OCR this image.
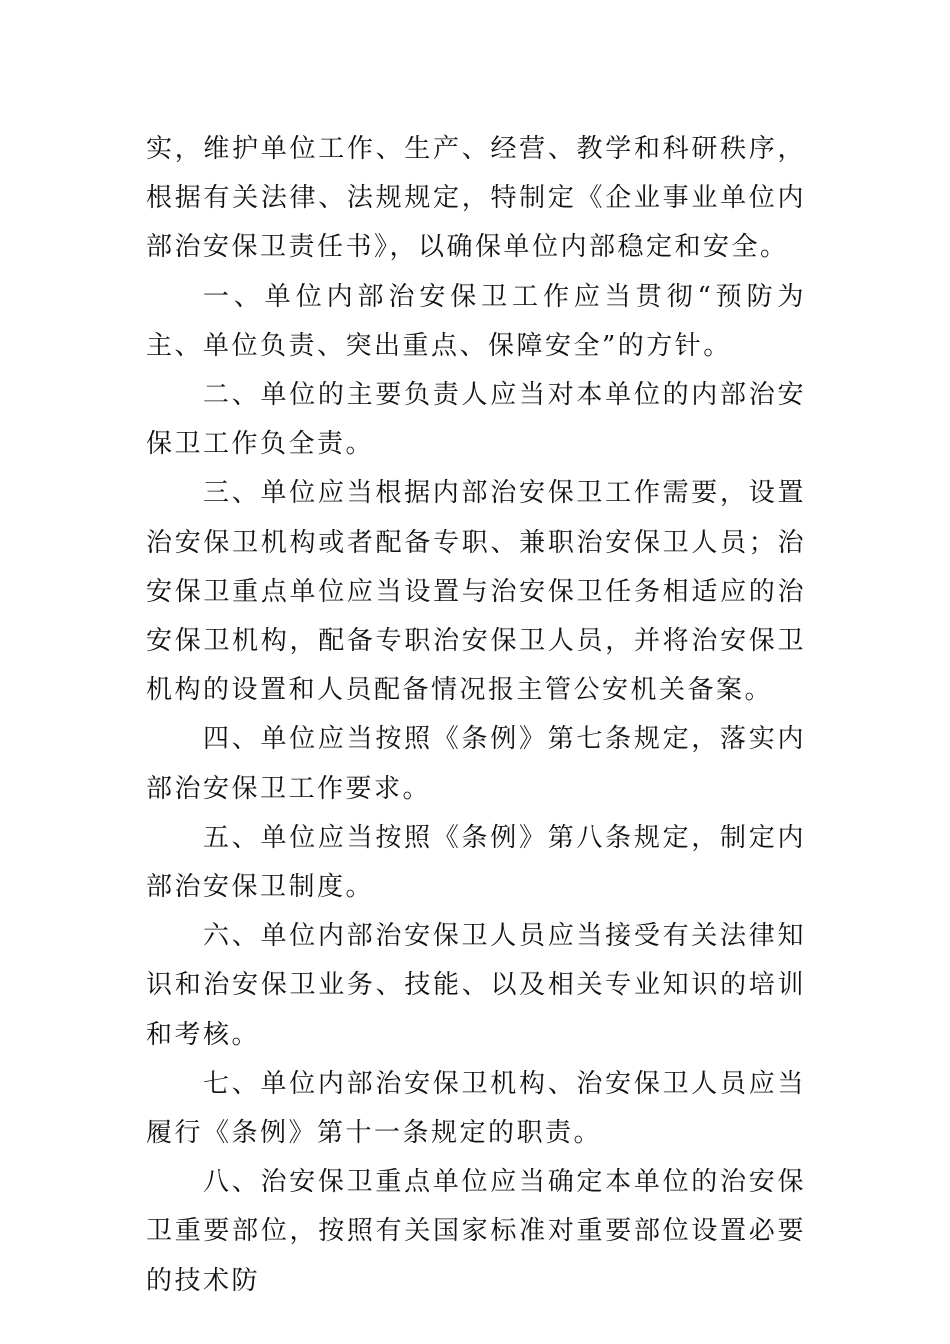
实，维护单位工作、生产、经营、教学和科研秩序，根据有关法律、法规规定，特制定《企业事业单位内部治安保卫责任书》，以确保单位内部稳定和安全。

一、单位内部治安保卫工作应当贯彻“预防为主、单位负责、突出重点、保障安全”的方针。

二、单位的主要负责人应当对本单位的内部治安保卫工作负全责。

三、单位应当根据内部治安保卫工作需要，设置治安保卫机构或者配备专职、兼职治安保卫人员；治安保卫重点单位应当设置与治安保卫任务相适应的治安保卫机构，配备专职治安保卫人员，并将治安保卫机构的设置和人员配备情况报主管公安机关备案。

四、单位应当按照《条例》第七条规定，落实内部治安保卫工作要求。

五、单位应当按照《条例》第八条规定，制定内部治安保卫制度。

六、单位内部治安保卫人员应当接受有关法律知识和治安保卫业务、技能、以及相关专业知识的培训和考核。

七、单位内部治安保卫机构、治安保卫人员应当履行《条例》第十一条规定的职责。

八、治安保卫重点单位应当确定本单位的治安保卫重要部位，按照有关国家标准对重要部位设置必要的技术防
